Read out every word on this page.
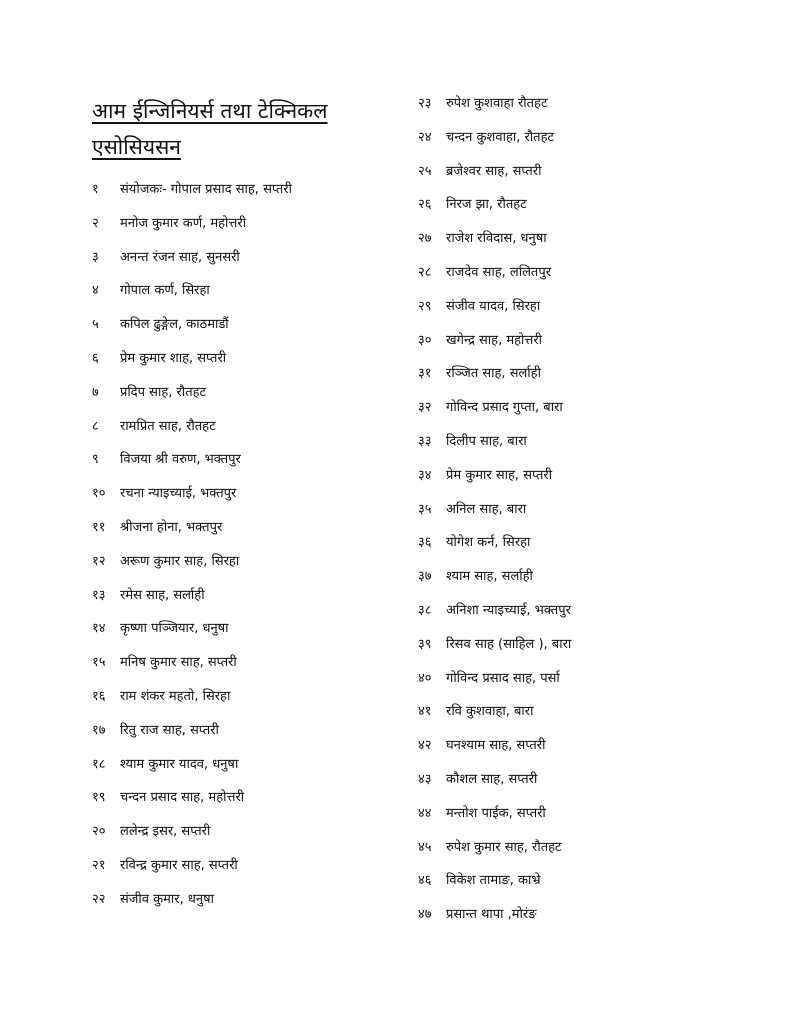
आम ईन्जिनियर्स तथा टेक्निकल
एसोसियसन
१	संयोजकः- गोपाल प्रसाद साह, सप्तरी
२	मनोज कुमार कर्ण, महोत्तरी
३	अनन्त रंजन साह, सुनसरी
४	गोपाल कर्ण, सिरहा
५	कपिल ढुङ्गेल, काठमाडौं
६	प्रेम कुमार शाह, सप्तरी
७	प्रदिप साह, रौतहट
८	रामप्रित साह, रौतहट
९	विजया श्री वरुण, भक्तपुर
१०	रचना न्याइच्याई, भक्तपुर
११	श्रीजना होना, भक्तपुर
१२	अरूण कुमार साह, सिरहा
१३	रमेस साह, सर्लाही
१४	कृष्णा पञ्जियार, धनुषा
१५	मनिष कुमार साह, सप्तरी
१६	राम शंकर महतो, सिरहा
१७	रितु राज साह, सप्तरी
१८	श्याम कुमार यादव, धनुषा
१९	चन्दन प्रसाद साह, महोत्तरी
२०	ललेन्द्र इसर, सप्तरी
२१	रविन्द्र कुमार साह, सप्तरी
२२	संजीव कुमार, धनुषा
२३	रुपेश कुशवाहा रौतहट
२४	चन्दन कुशवाहा, रौतहट
२५	ब्रजेश्वर साह, सप्तरी
२६	निरज झा, रौतहट
२७	राजेश रविदास, धनुषा
२८	राजदेव साह, ललितपुर
२९	संजीव यादव, सिरहा
३०	खगेन्द्र साह, महोत्तरी
३१	रञ्जित साह, सर्लाही
३२	गोविन्द प्रसाद गुप्ता, बारा
३३	दिलीप साह, बारा
३४	प्रेम कुमार साह, सप्तरी
३५	अनिल साह, बारा
३६	योगेश कर्न, सिरहा
३७	श्याम साह, सर्लाही
३८	अनिशा न्याइच्याई, भक्तपुर
३९	रिसव साह (साहिल ), बारा
४०	गोविन्द प्रसाद साह, पर्सा
४१	रवि कुशवाहा, बारा
४२	घनश्याम साह, सप्तरी
४३	कौशल साह, सप्तरी
४४	मन्तोश पाईक, सप्तरी
४५	रुपेश कुमार साह, रौतहट
४६	विकेश तामाङ, काभ्रे
४७	प्रसान्त थापा ,मोरंङ
